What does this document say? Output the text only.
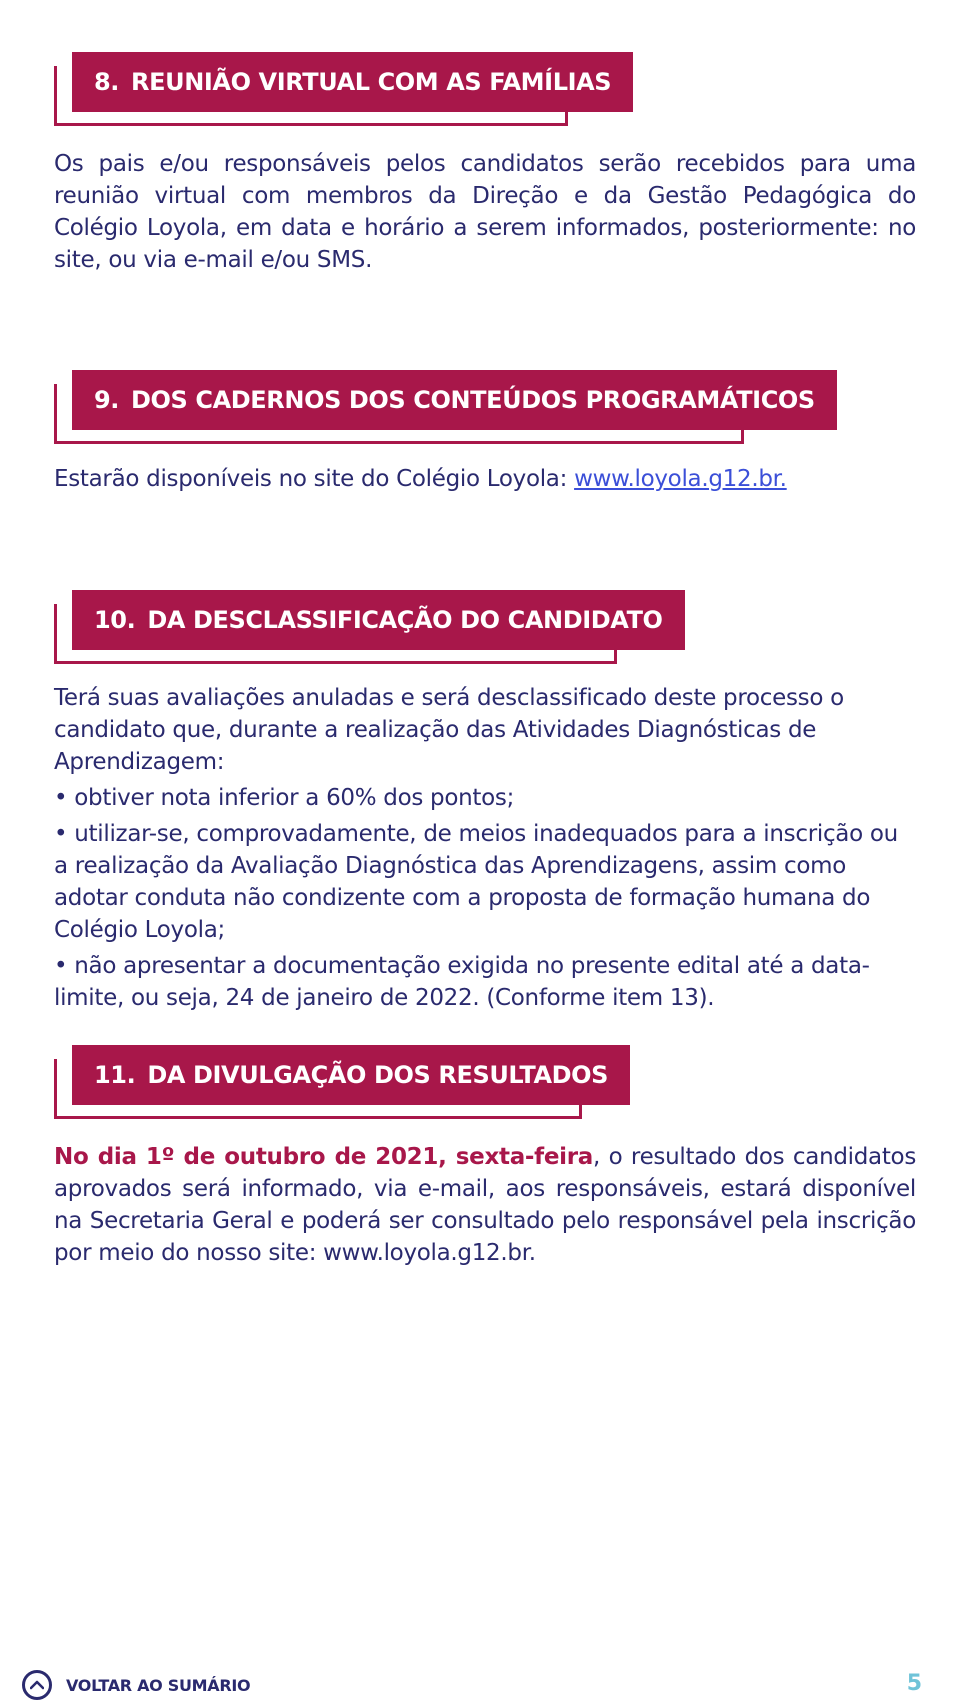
8. REUNIÃO VIRTUAL COM AS FAMÍLIAS

Os pais e/ou responsáveis pelos candidatos serão recebidos para uma reunião virtual com membros da Direção e da Gestão Pedagógica do Colégio Loyola, em data e horário a serem informados, posteriormente: no site, ou via e-mail e/ou SMS.

9. DOS CADERNOS DOS CONTEÚDOS PROGRAMÁTICOS

Estarão disponíveis no site do Colégio Loyola: www.loyola.g12.br.

10. DA DESCLASSIFICAÇÃO DO CANDIDATO

Terá suas avaliações anuladas e será desclassificado deste processo o candidato que, durante a realização das Atividades Diagnósticas de Aprendizagem:

• obtiver nota inferior a 60% dos pontos;

• utilizar-se, comprovadamente, de meios inadequados para a inscrição ou a realização da Avaliação Diagnóstica das Aprendizagens, assim como adotar conduta não condizente com a proposta de formação humana do Colégio Loyola;

• não apresentar a documentação exigida no presente edital até a data-limite, ou seja, 24 de janeiro de 2022. (Conforme item 13).

11. DA DIVULGAÇÃO DOS RESULTADOS

No dia 1º de outubro de 2021, sexta-feira, o resultado dos candidatos aprovados será informado, via e-mail, aos responsáveis, estará disponível na Secretaria Geral e poderá ser consultado pelo responsável pela inscrição por meio do nosso site: www.loyola.g12.br.

VOLTAR AO SUMÁRIO	5
